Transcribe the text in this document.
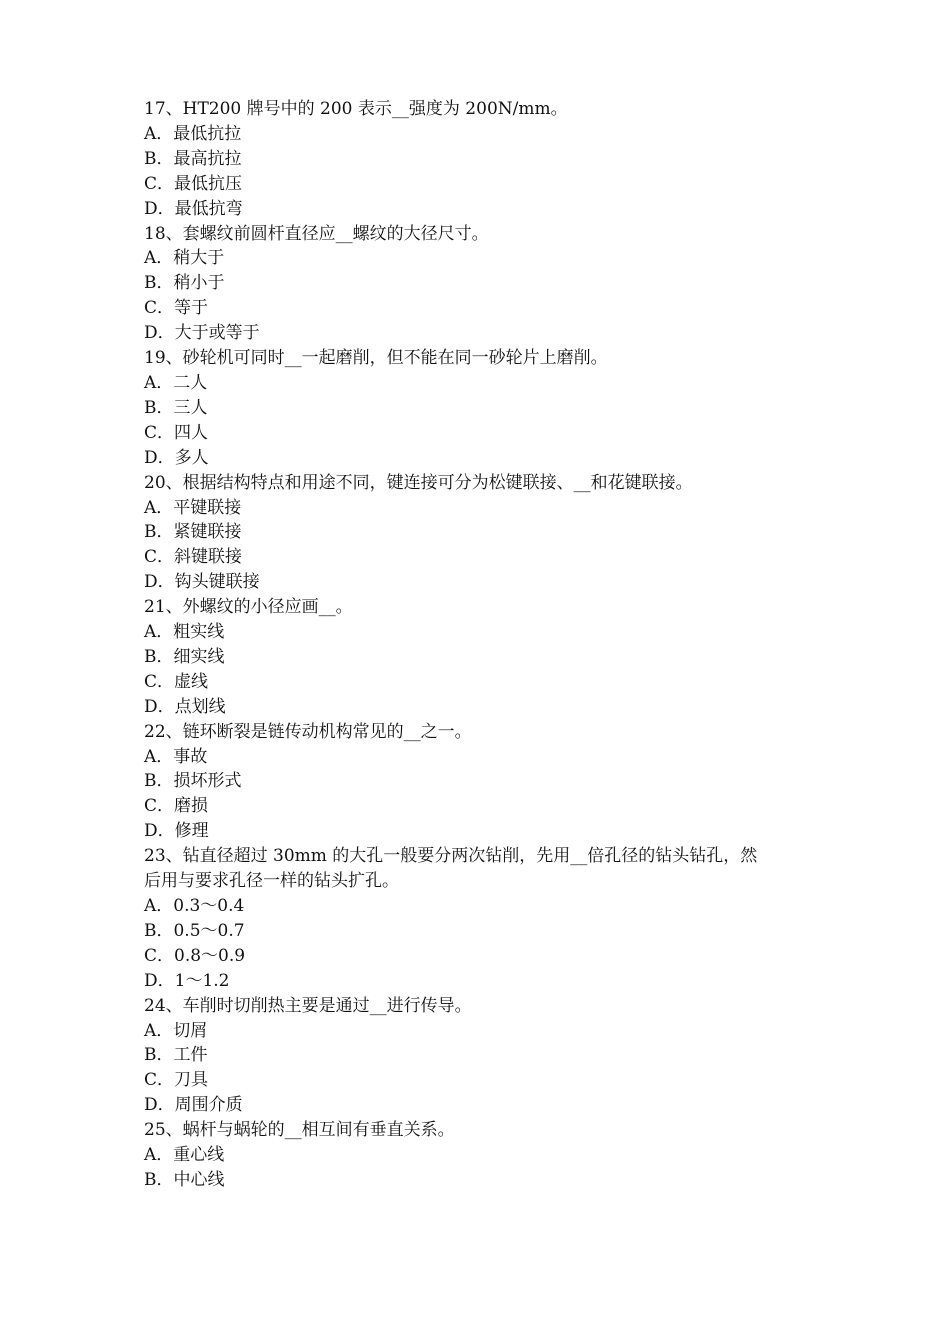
17、HT200 牌号中的 200 表示__强度为 200N/mm。
A．最低抗拉
B．最高抗拉
C．最低抗压
D．最低抗弯
18、套螺纹前圆杆直径应__螺纹的大径尺寸。
A．稍大于
B．稍小于
C．等于
D．大于或等于
19、砂轮机可同时__一起磨削，但不能在同一砂轮片上磨削。
A．二人
B．三人
C．四人
D．多人
20、根据结构特点和用途不同，键连接可分为松键联接、__和花键联接。
A．平键联接
B．紧键联接
C．斜键联接
D．钩头键联接
21、外螺纹的小径应画__。
A．粗实线
B．细实线
C．虚线
D．点划线
22、链环断裂是链传动机构常见的__之一。
A．事故
B．损坏形式
C．磨损
D．修理
23、钻直径超过 30mm 的大孔一般要分两次钻削，先用__倍孔径的钻头钻孔，然
后用与要求孔径一样的钻头扩孔。
A．0.3～0.4
B．0.5～0.7
C．0.8～0.9
D．1～1.2
24、车削时切削热主要是通过__进行传导。
A．切屑
B．工件
C．刀具
D．周围介质
25、蜗杆与蜗轮的__相互间有垂直关系。
A．重心线
B．中心线
